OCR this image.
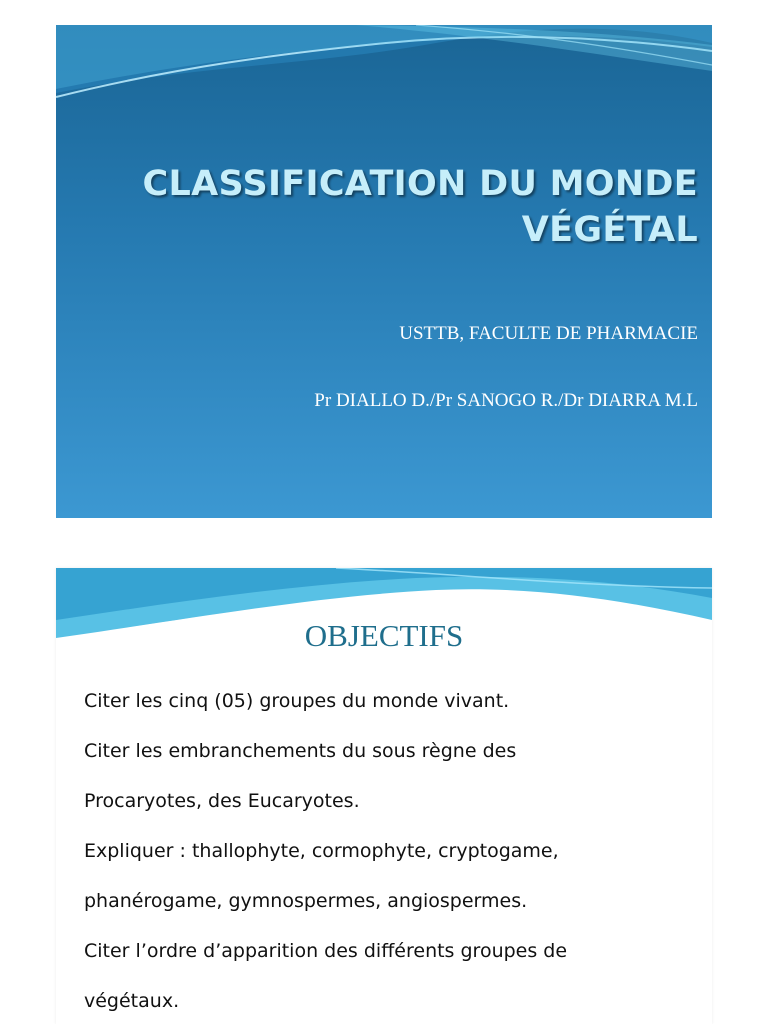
CLASSIFICATION DU MONDE
VÉGÉTAL
USTTB, FACULTE DE PHARMACIE
Pr DIALLO D./Pr SANOGO R./Dr DIARRA M.L
OBJECTIFS
Citer les cinq (05) groupes du monde vivant.
Citer les embranchements du sous règne des
Procaryotes, des Eucaryotes.
Expliquer : thallophyte, cormophyte, cryptogame,
phanérogame, gymnospermes, angiospermes.
Citer l’ordre d’apparition des différents groupes de
végétaux.
